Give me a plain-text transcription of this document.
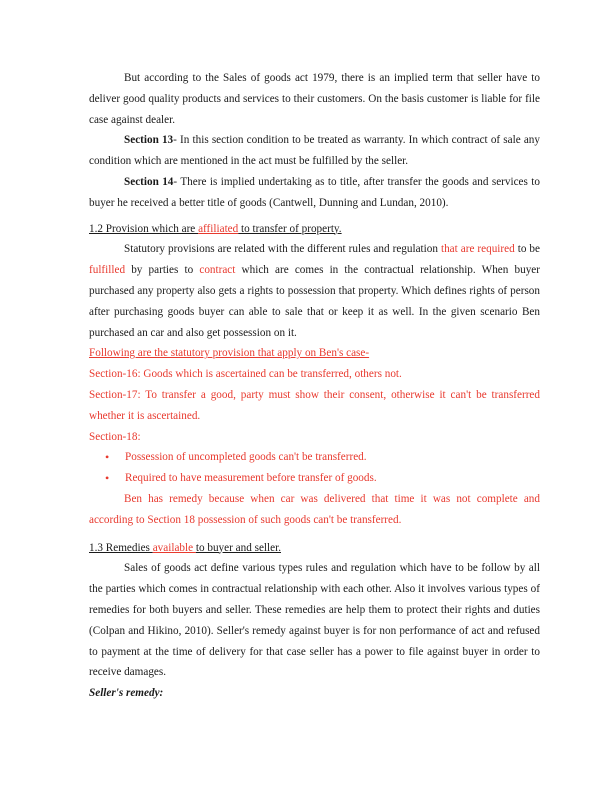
But according to the Sales of goods act 1979, there is an implied term that seller have to deliver good quality products and services to their customers. On the basis customer is liable for file case against dealer.

Section 13- In this section condition to be treated as warranty. In which contract of sale any condition which are mentioned in the act must be fulfilled by the seller.

Section 14- There is implied undertaking as to title, after transfer the goods and services to buyer he received a better title of goods (Cantwell, Dunning and Lundan, 2010).

1.2 Provision which are affiliated to transfer of property.

Statutory provisions are related with the different rules and regulation that are required to be fulfilled by parties to contract which are comes in the contractual relationship. When buyer purchased any property also gets a rights to possession that property. Which defines rights of person after purchasing goods buyer can able to sale that or keep it as well. In the given scenario Ben purchased an car and also get possession on it.

Following are the statutory provision that apply on Ben's case-

Section-16: Goods which is ascertained can be transferred, others not.

Section-17: To transfer a good, party must show their consent, otherwise it can't be transferred whether it is ascertained.

Section-18:

• Possession of uncompleted goods can't be transferred.
• Required to have measurement before transfer of goods.

Ben has remedy because when car was delivered that time it was not complete and according to Section 18 possession of such goods can't be transferred.

1.3 Remedies available to buyer and seller.

Sales of goods act define various types rules and regulation which have to be follow by all the parties which comes in contractual relationship with each other. Also it involves various types of remedies for both buyers and seller. These remedies are help them to protect their rights and duties (Colpan and Hikino, 2010). Seller's remedy against buyer is for non performance of act and refused to payment at the time of delivery for that case seller has a power to file against buyer in order to receive damages.

Seller's remedy:
